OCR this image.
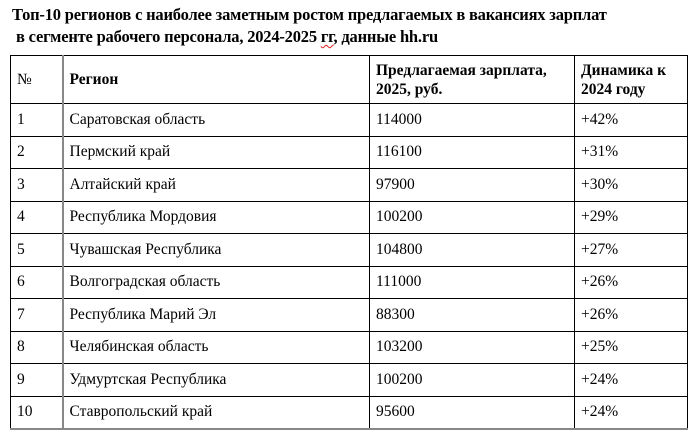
Топ-10 регионов с наиболее заметным ростом предлагаемых в вакансиях зарплат
в сегменте рабочего персонала, 2024-2025 гг, данные hh.ru
№	Регион	Предлагаемая зарплата, 2025, руб.	Динамика к 2024 году
1	Саратовская область	114000	+42%
2	Пермский край	116100	+31%
3	Алтайский край	97900	+30%
4	Республика Мордовия	100200	+29%
5	Чувашская Республика	104800	+27%
6	Волгоградская область	111000	+26%
7	Республика Марий Эл	88300	+26%
8	Челябинская область	103200	+25%
9	Удмуртская Республика	100200	+24%
10	Ставропольский край	95600	+24%
